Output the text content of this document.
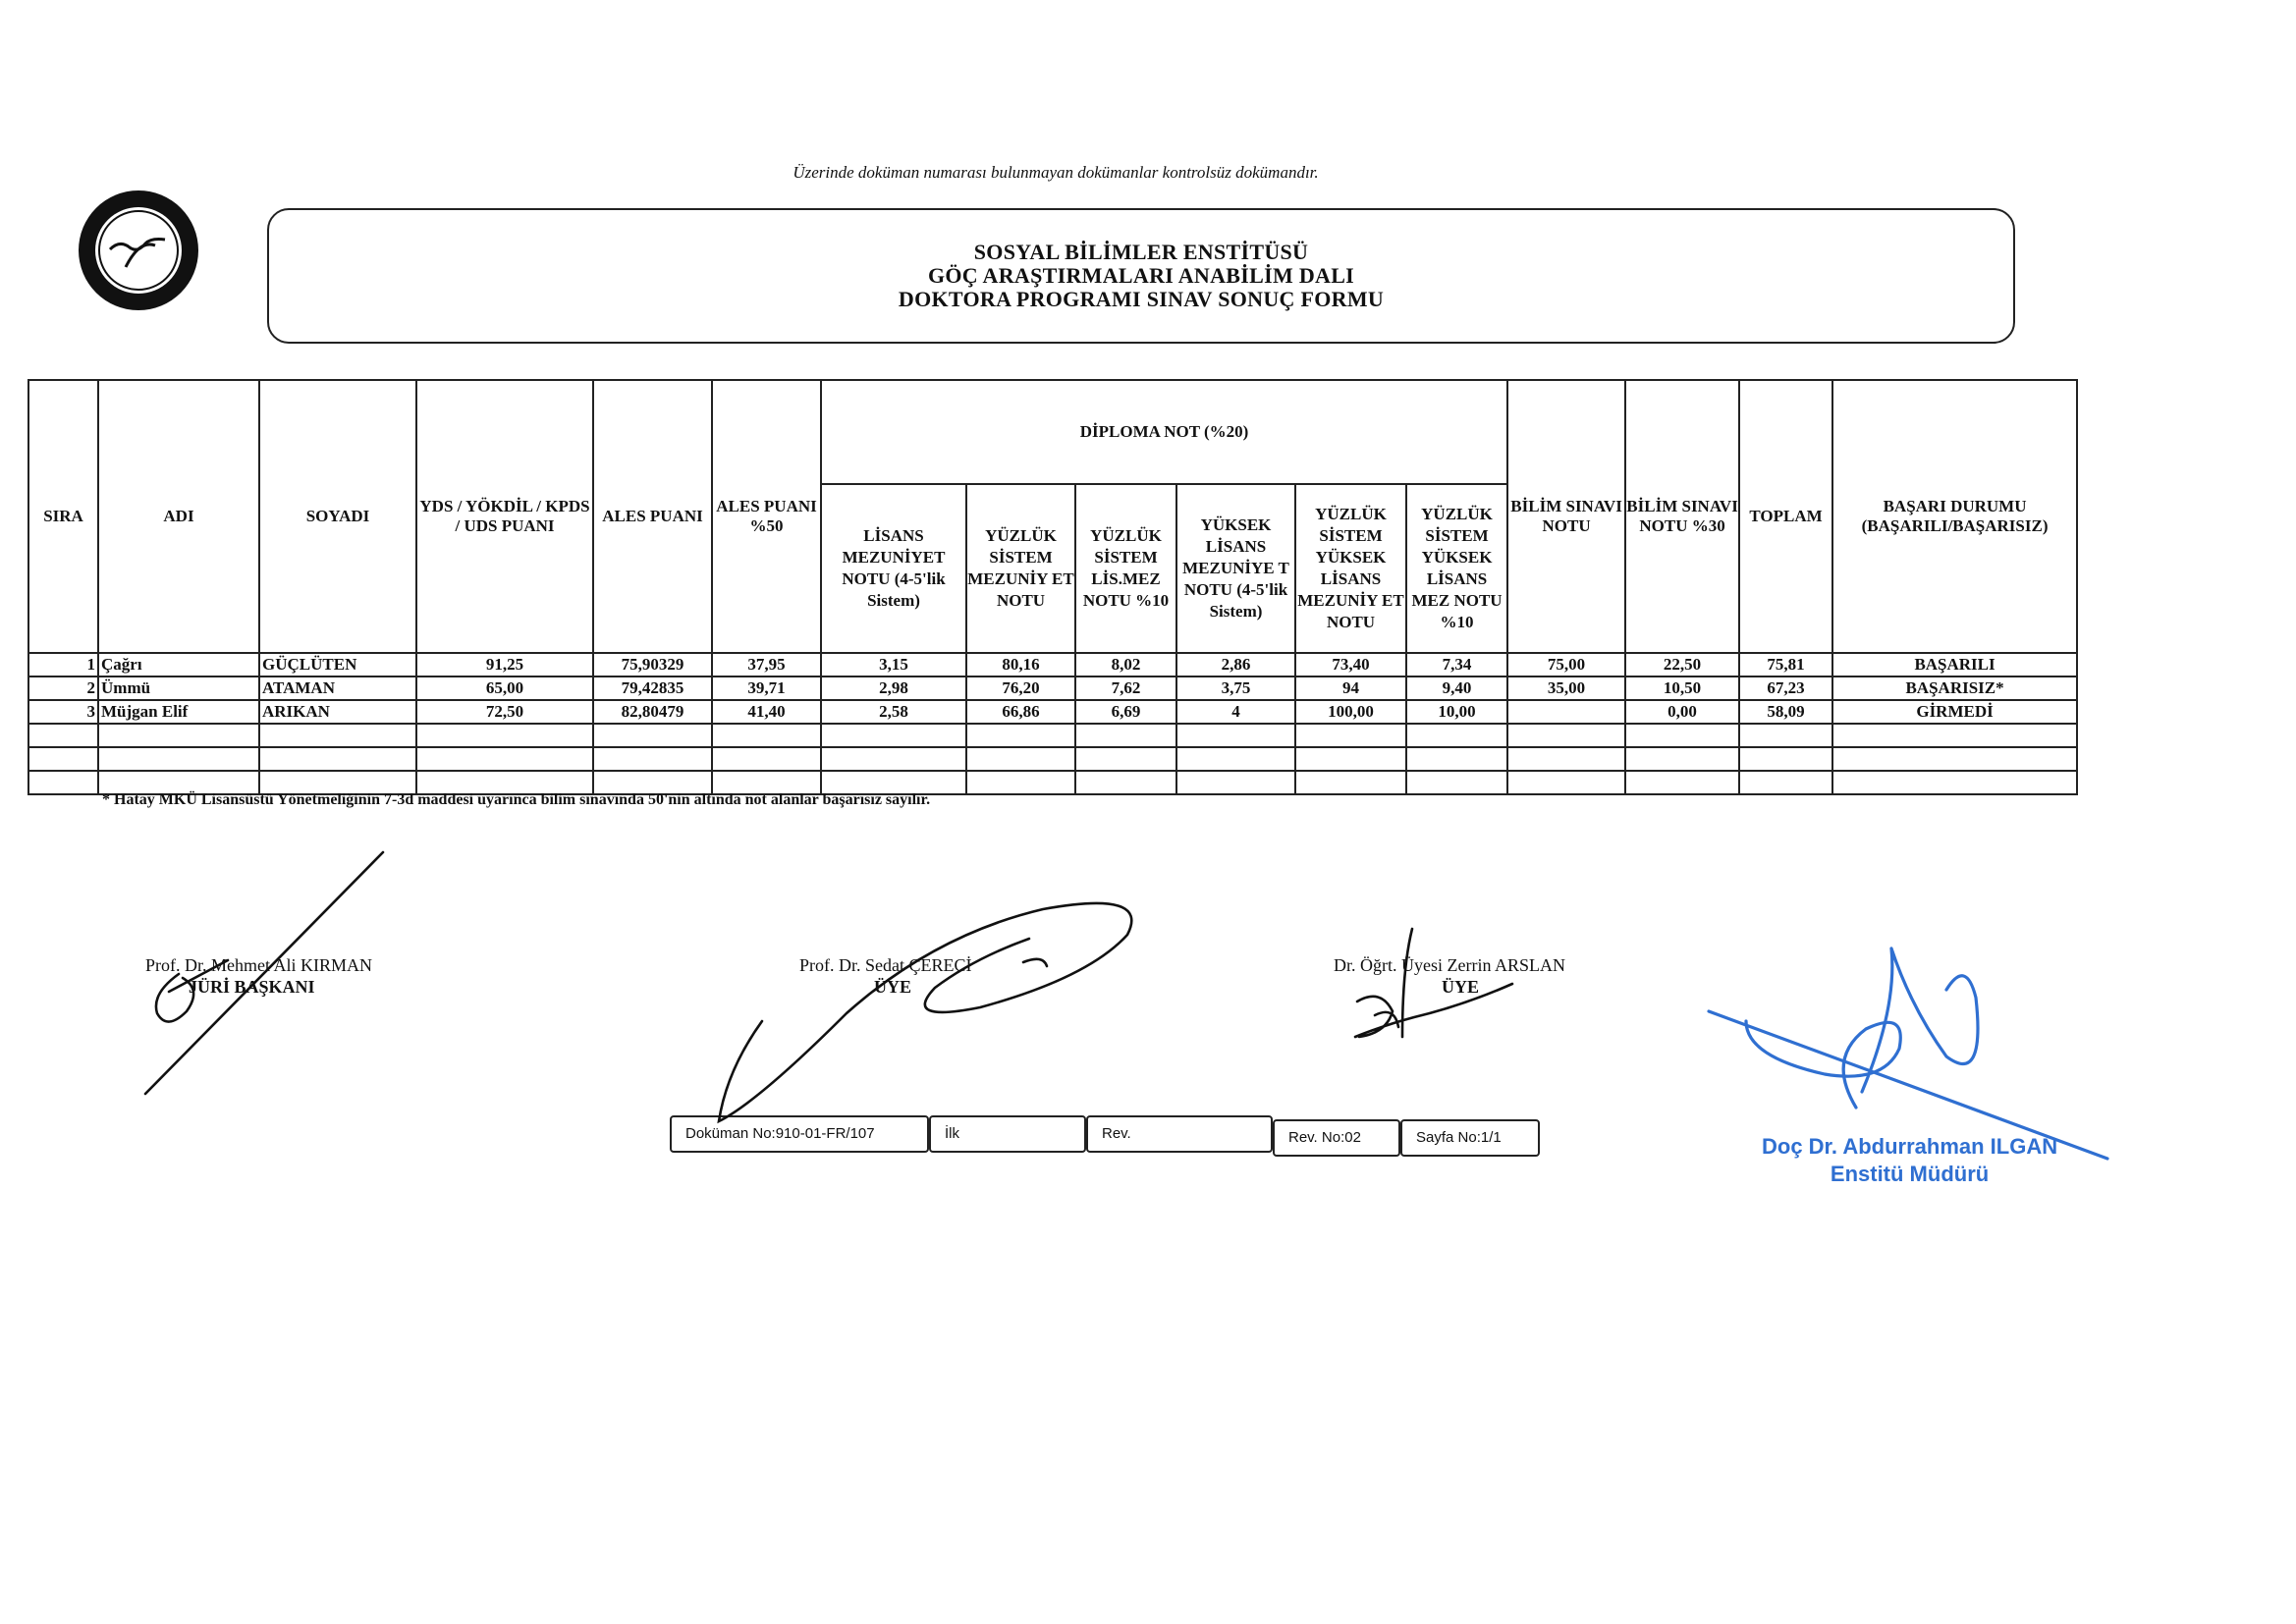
Üzerinde doküman numarası bulunmayan dokümanlar kontrolsüz dokümandır.
SOSYAL BİLİMLER ENSTİTÜSÜ
GÖÇ ARAŞTIRMALARI ANABİLİM DALI
DOKTORA PROGRAMI SINAV SONUÇ FORMU
SIRA	ADI	SOYADI	YDS / YÖKDİL / KPDS / UDS PUANI	ALES PUANI	ALES PUANI %50	DİPLOMA NOT (%20)						BİLİM SINAVI NOTU	BİLİM SINAVI NOTU %30	TOPLAM	BAŞARI DURUMU (BAŞARILI/BAŞARISIZ)
						LİSANS MEZUNİYET NOTU (4-5'lik Sistem)	YÜZLÜK SİSTEM MEZUNİY ET NOTU	YÜZLÜK SİSTEM LİS.MEZ NOTU %10	YÜKSEK LİSANS MEZUNİYE T NOTU (4-5'lik Sistem)	YÜZLÜK SİSTEM YÜKSEK LİSANS MEZUNİY ET NOTU	YÜZLÜK SİSTEM YÜKSEK LİSANS MEZ NOTU %10				
1	Çağrı	GÜÇLÜTEN	91,25	75,90329	37,95	3,15	80,16	8,02	2,86	73,40	7,34	75,00	22,50	75,81	BAŞARILI
2	Ümmü	ATAMAN	65,00	79,42835	39,71	2,98	76,20	7,62	3,75	94	9,40	35,00	10,50	67,23	BAŞARISIZ*
3	Müjgan Elif	ARIKAN	72,50	82,80479	41,40	2,58	66,86	6,69	4	100,00	10,00		0,00	58,09	GİRMEDİ

* Hatay MKÜ Lisansüstü Yönetmeliğinin 7-3d maddesi uyarınca bilim sınavında 50'nin altında not alanlar başarısız sayılır.
Prof. Dr. Mehmet Ali KIRMAN
JÜRİ BAŞKANI
Prof. Dr. Sedat ÇERECİ
ÜYE
Dr. Öğrt. Üyesi Zerrin ARSLAN
ÜYE
Doküman No:910-01-FR/107	İlk	Rev.	Rev. No:02	Sayfa No:1/1	Doç Dr. Abdurrahman ILGAN
Enstitü Müdürü
